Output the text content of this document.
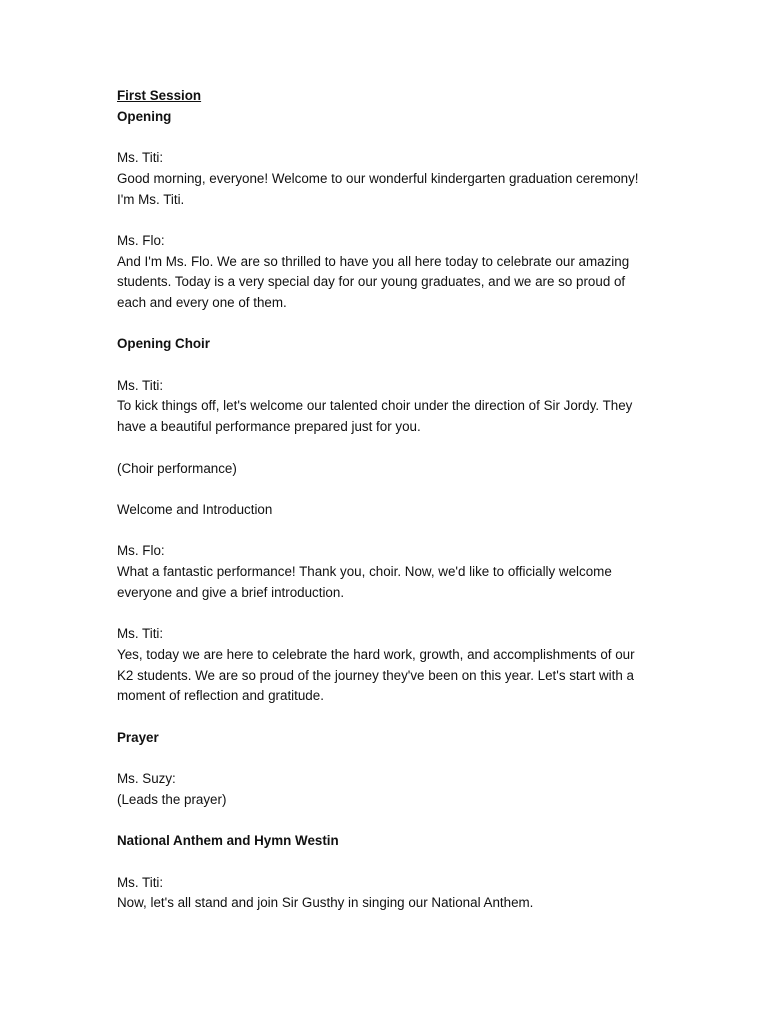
First Session
Opening
Ms. Titi:
Good morning, everyone! Welcome to our wonderful kindergarten graduation ceremony! I'm Ms. Titi.
Ms. Flo:
And I'm Ms. Flo. We are so thrilled to have you all here today to celebrate our amazing students. Today is a very special day for our young graduates, and we are so proud of each and every one of them.
Opening Choir
Ms. Titi:
To kick things off, let's welcome our talented choir under the direction of Sir Jordy. They have a beautiful performance prepared just for you.
(Choir performance)
Welcome and Introduction
Ms. Flo:
What a fantastic performance! Thank you, choir. Now, we'd like to officially welcome everyone and give a brief introduction.
Ms. Titi:
Yes, today we are here to celebrate the hard work, growth, and accomplishments of our K2 students. We are so proud of the journey they've been on this year. Let's start with a moment of reflection and gratitude.
Prayer
Ms. Suzy:
(Leads the prayer)
National Anthem and Hymn Westin
Ms. Titi:
Now, let's all stand and join Sir Gusthy in singing our National Anthem.
